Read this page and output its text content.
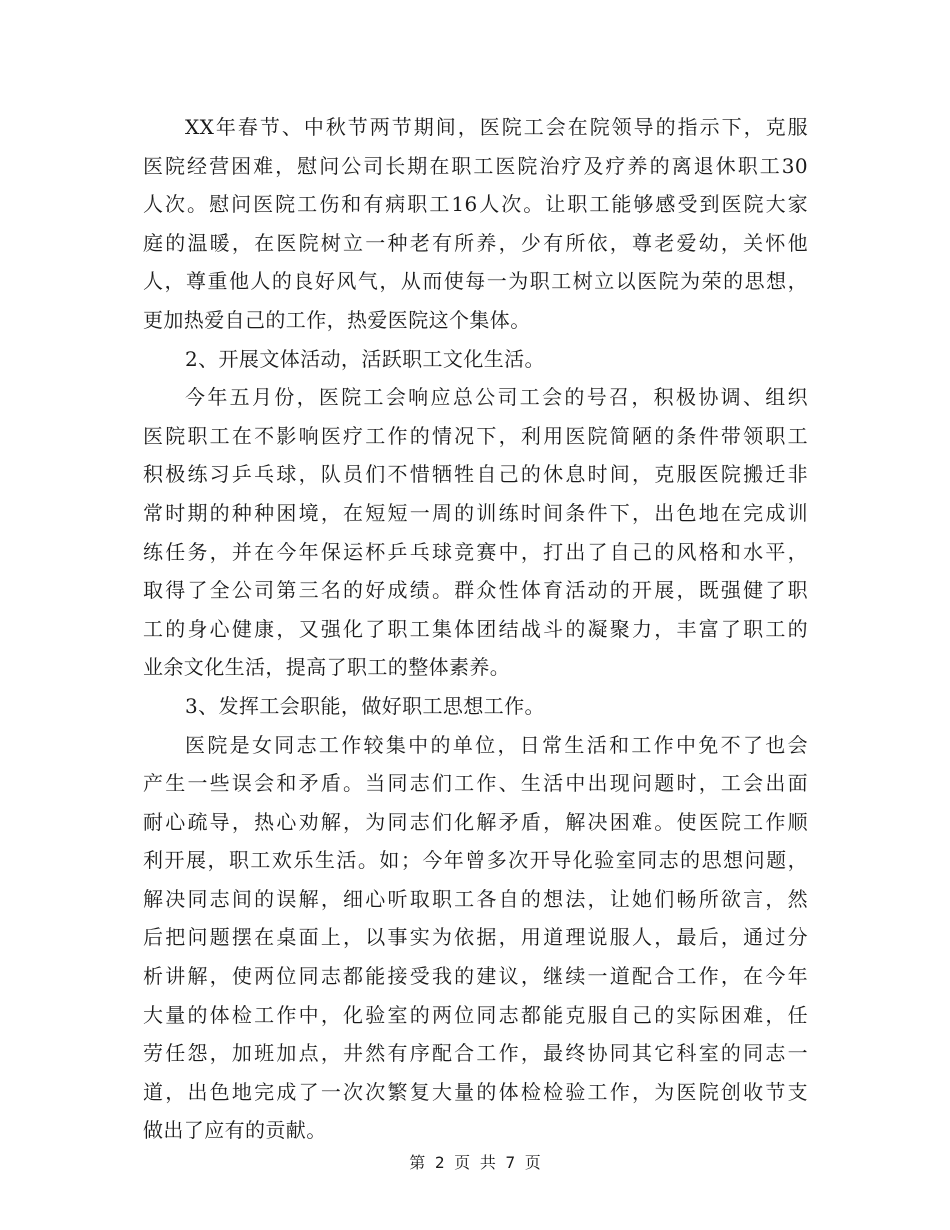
XX年春节、中秋节两节期间，医院工会在院领导的指示下，克服
医院经营困难，慰问公司长期在职工医院治疗及疗养的离退休职工30
人次。慰问医院工伤和有病职工16人次。让职工能够感受到医院大家
庭的温暖，在医院树立一种老有所养，少有所依，尊老爱幼，关怀他
人，尊重他人的良好风气，从而使每一为职工树立以医院为荣的思想，
更加热爱自己的工作，热爱医院这个集体。
2、开展文体活动，活跃职工文化生活。
今年五月份，医院工会响应总公司工会的号召，积极协调、组织
医院职工在不影响医疗工作的情况下，利用医院简陋的条件带领职工
积极练习乒乓球，队员们不惜牺牲自己的休息时间，克服医院搬迁非
常时期的种种困境，在短短一周的训练时间条件下，出色地在完成训
练任务，并在今年保运杯乒乓球竞赛中，打出了自己的风格和水平，
取得了全公司第三名的好成绩。群众性体育活动的开展，既强健了职
工的身心健康，又强化了职工集体团结战斗的凝聚力，丰富了职工的
业余文化生活，提高了职工的整体素养。
3、发挥工会职能，做好职工思想工作。
医院是女同志工作较集中的单位，日常生活和工作中免不了也会
产生一些误会和矛盾。当同志们工作、生活中出现问题时，工会出面
耐心疏导，热心劝解，为同志们化解矛盾，解决困难。使医院工作顺
利开展，职工欢乐生活。如；今年曾多次开导化验室同志的思想问题，
解决同志间的误解，细心听取职工各自的想法，让她们畅所欲言，然
后把问题摆在桌面上，以事实为依据，用道理说服人，最后，通过分
析讲解，使两位同志都能接受我的建议，继续一道配合工作，在今年
大量的体检工作中，化验室的两位同志都能克服自己的实际困难，任
劳任怨，加班加点，井然有序配合工作，最终协同其它科室的同志一
道，出色地完成了一次次繁复大量的体检检验工作，为医院创收节支
做出了应有的贡献。
第 2 页 共 7 页
